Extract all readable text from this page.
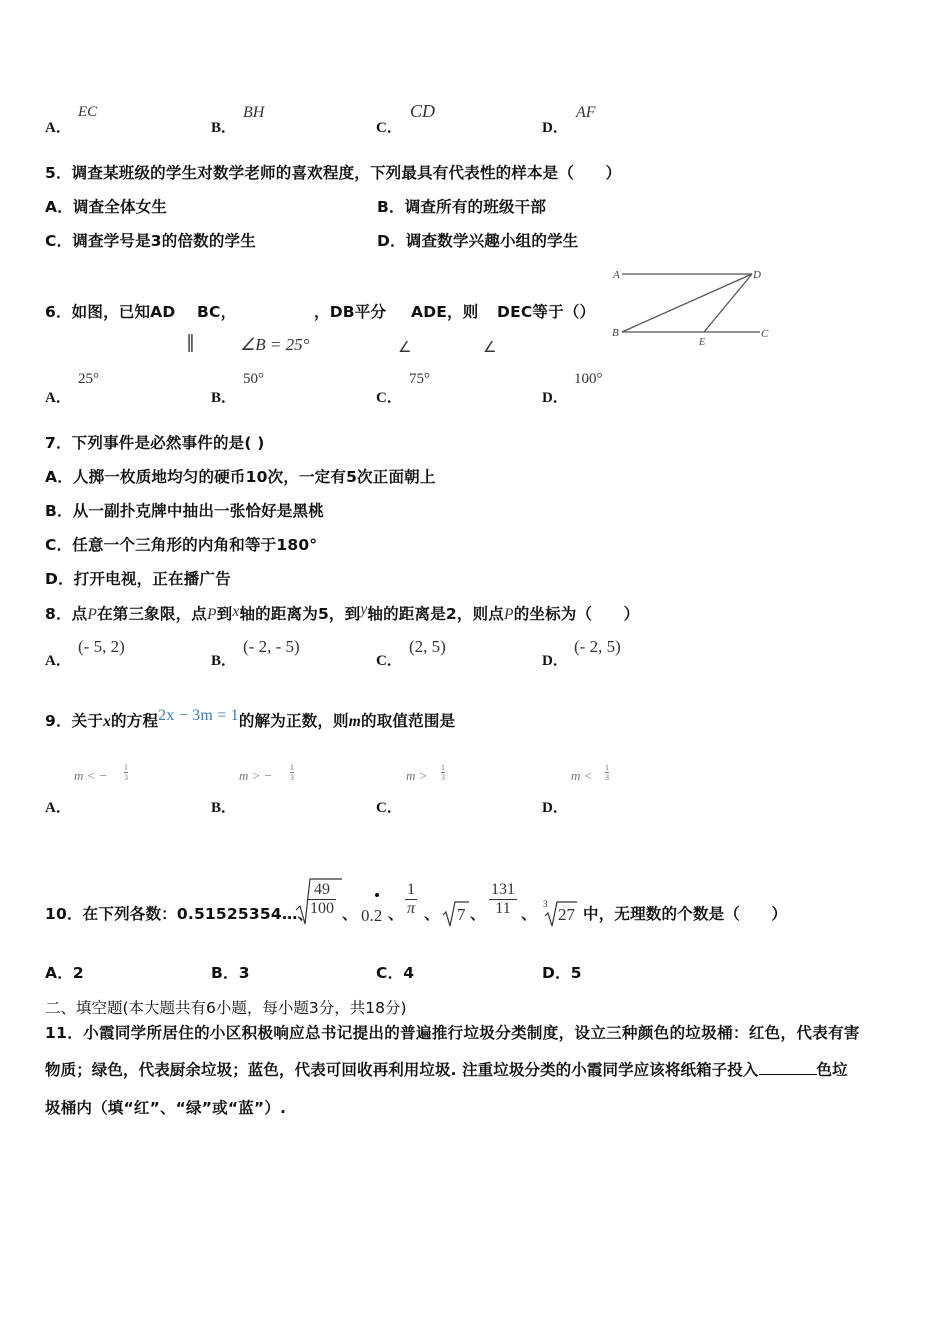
A．
EC
B．
BH
C．
CD
D．
AF
5．调查某班级的学生对数学老师的喜欢程度，下列最具有代表性的样本是（　　）
A．调查全体女生	B．调查所有的班级干部
C．调查学号是3的倍数的学生	D．调查数学兴趣小组的学生
6．如图，已知AD BC，	，DB平分 ADE，则 DEC等于（）
∥	∠B = 25°	∠	∠
A．
25°
B．
50°
C．
75°
D．
100°
A	D
B
E
C
7．下列事件是必然事件的是( )
A．人掷一枚质地均匀的硬币10次，一定有5次正面朝上
B．从一副扑克牌中抽出一张恰好是黑桃
C．任意一个三角形的内角和等于180°
D．打开电视，正在播广告
8．点P在第三象限，点P到x轴的距离为5，到y轴的距离是2，则点P的坐标为（　　）
A．
(- 5, 2)
B．
(- 2, - 5)
C．
(2, 5)
D．
(- 2, 5)
9．关于x的方程2x − 3m = 1的解为正数，则m的取值范围是
A．
m < − $\frac{1}{3}$
B．
m > − $\frac{1}{3}$
C．
$m > \frac{1}{3}$
D．
$m < \frac{1}{3}$
10．在下列各数：0.51525354…、
$\frac{49}{100}$ 、 0.2 、 $\frac{1}{\pi}$ 、 7 、 $\frac{131}{11}$ 、
3
27 中，无理数的个数是（　　）
A．2	B．3	C．4	D．5
二、填空题(本大题共有6小题，每小题3分，共18分)
11．小霞同学所居住的小区积极响应总书记提出的普遍推行垃圾分类制度，设立三种颜色的垃圾桶：红色，代表有害
物质；绿色，代表厨余垃圾；蓝色，代表可回收再利用垃圾. 注重垃圾分类的小霞同学应该将纸箱子投入	色垃
圾桶内（填“红”、“绿”或“蓝”）.
